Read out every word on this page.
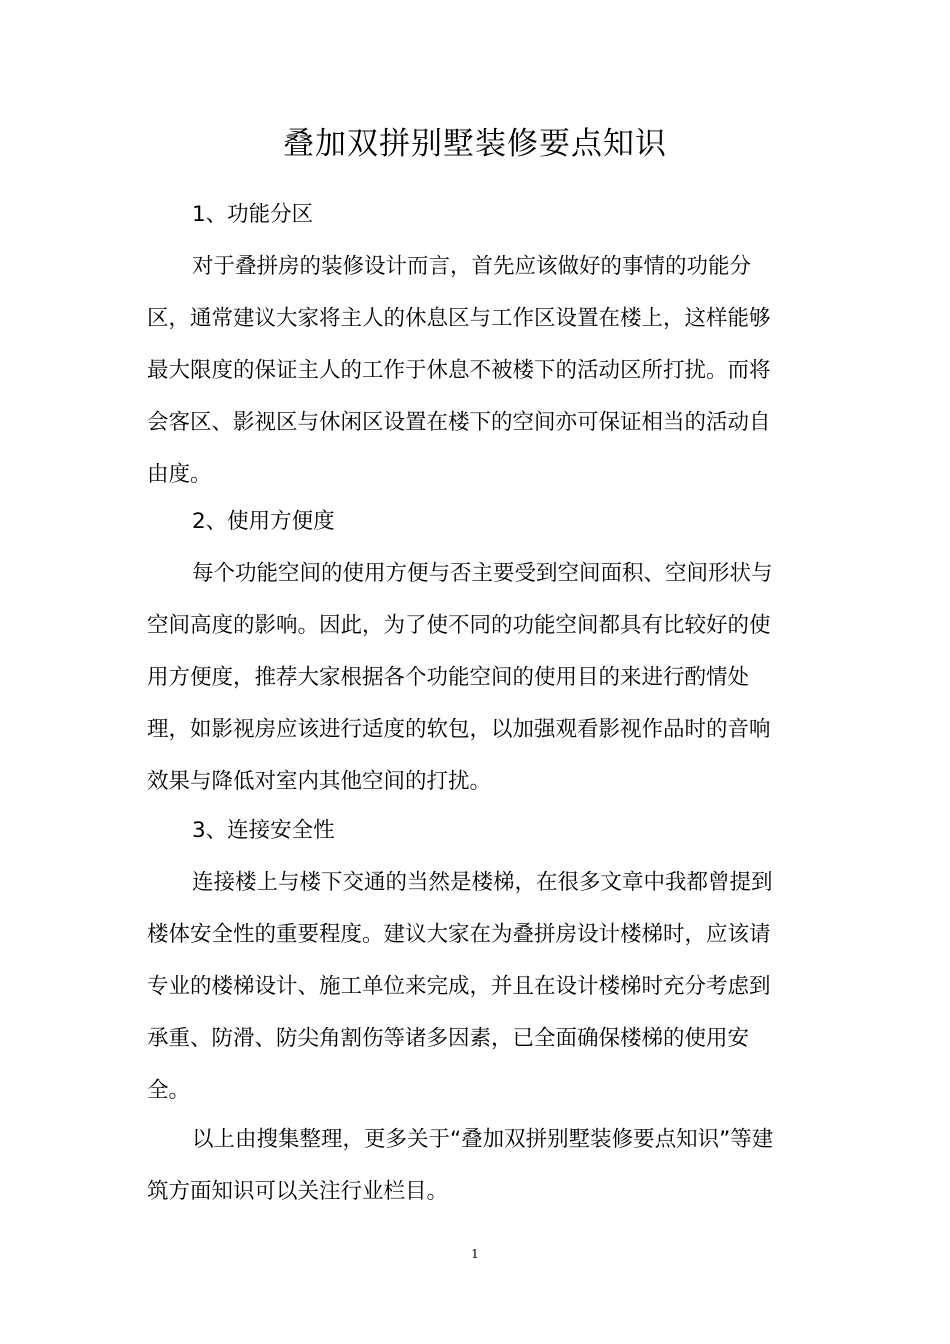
叠加双拼别墅装修要点知识

1、功能分区

对于叠拼房的装修设计而言，首先应该做好的事情的功能分
区，通常建议大家将主人的休息区与工作区设置在楼上，这样能够
最大限度的保证主人的工作于休息不被楼下的活动区所打扰。而将
会客区、影视区与休闲区设置在楼下的空间亦可保证相当的活动自
由度。

2、使用方便度

每个功能空间的使用方便与否主要受到空间面积、空间形状与
空间高度的影响。因此，为了使不同的功能空间都具有比较好的使
用方便度，推荐大家根据各个功能空间的使用目的来进行酌情处
理，如影视房应该进行适度的软包，以加强观看影视作品时的音响
效果与降低对室内其他空间的打扰。

3、连接安全性

连接楼上与楼下交通的当然是楼梯，在很多文章中我都曾提到
楼体安全性的重要程度。建议大家在为叠拼房设计楼梯时，应该请
专业的楼梯设计、施工单位来完成，并且在设计楼梯时充分考虑到
承重、防滑、防尖角割伤等诸多因素，已全面确保楼梯的使用安
全。
以上由搜集整理，更多关于“叠加双拼别墅装修要点知识”等建
筑方面知识可以关注行业栏目。
1
